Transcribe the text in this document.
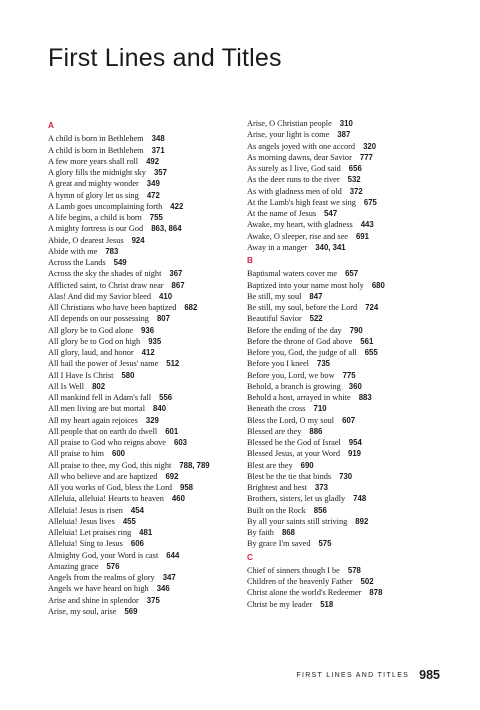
First Lines and Titles
A
A child is born in Bethlehem 348
A child is born in Bethlehem 371
A few more years shall roll 492
A glory fills the midnight sky 357
A great and mighty wonder 349
A hymn of glory let us sing 472
A Lamb goes uncomplaining forth 422
A life begins, a child is born 755
A mighty fortress is our God 863, 864
Abide, O dearest Jesus 924
Abide with me 783
Across the Lands 549
Across the sky the shades of night 367
Afflicted saint, to Christ draw near 867
Alas! And did my Savior bleed 410
All Christians who have been baptized 682
All depends on our possessing 807
All glory be to God alone 936
All glory be to God on high 935
All glory, laud, and honor 412
All hail the power of Jesus' name 512
All I Have Is Christ 580
All Is Well 802
All mankind fell in Adam's fall 556
All men living are but mortal 840
All my heart again rejoices 329
All people that on earth do dwell 601
All praise to God who reigns above 603
All praise to him 600
All praise to thee, my God, this night 788, 789
All who believe and are baptized 692
All you works of God, bless the Lord 958
Alleluia, alleluia! Hearts to heaven 460
Alleluia! Jesus is risen 454
Alleluia! Jesus lives 455
Alleluia! Let praises ring 481
Alleluia! Sing to Jesus 606
Almighty God, your Word is cast 644
Amazing grace 576
Angels from the realms of glory 347
Angels we have heard on high 346
Arise and shine in splendor 375
Arise, my soul, arise 569
Arise, O Christian people 310
Arise, your light is come 387
As angels joyed with one accord 320
As morning dawns, dear Savior 777
As surely as I live, God said 656
As the deer runs to the river 532
As with gladness men of old 372
At the Lamb's high feast we sing 675
At the name of Jesus 547
Awake, my heart, with gladness 443
Awake, O sleeper, rise and see 691
Away in a manger 340, 341
B
Baptismal waters cover me 657
Baptized into your name most holy 680
Be still, my soul 847
Be still, my soul, before the Lord 724
Beautiful Savior 522
Before the ending of the day 790
Before the throne of God above 561
Before you, God, the judge of all 655
Before you I kneel 735
Before you, Lord, we bow 775
Behold, a branch is growing 360
Behold a host, arrayed in white 883
Beneath the cross 710
Bless the Lord, O my soul 607
Blessed are they 886
Blessed be the God of Israel 954
Blessed Jesus, at your Word 919
Blest are they 690
Blest be the tie that binds 730
Brightest and best 373
Brothers, sisters, let us gladly 748
Built on the Rock 856
By all your saints still striving 892
By faith 868
By grace I'm saved 575
C
Chief of sinners though I be 578
Children of the heavenly Father 502
Christ alone the world's Redeemer 878
Christ be my leader 518
FIRST LINES AND TITLES 985
